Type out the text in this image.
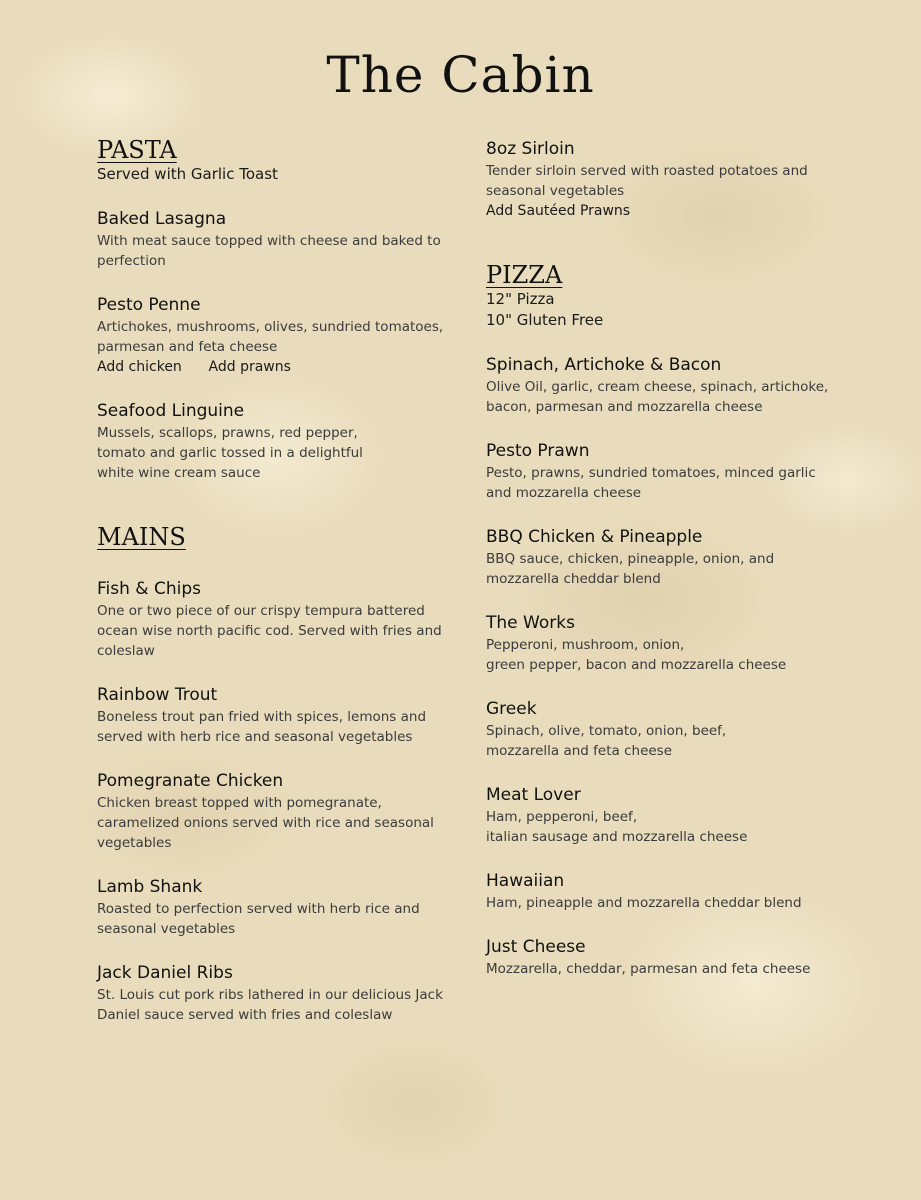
The Cabin
PASTA
Served with Garlic Toast
Baked Lasagna
With meat sauce topped with cheese and baked to
perfection
Pesto Penne
Artichokes, mushrooms, olives, sundried tomatoes,
parmesan and feta cheese
Add chicken      Add prawns
Seafood Linguine
Mussels, scallops, prawns, red pepper,
tomato and garlic tossed in a delightful
white wine cream sauce
MAINS
Fish & Chips
One or two piece of our crispy tempura battered
ocean wise north pacific cod. Served with fries and
coleslaw
Rainbow Trout
Boneless trout pan fried with spices, lemons and
served with herb rice and seasonal vegetables
Pomegranate Chicken
Chicken breast topped with pomegranate,
caramelized onions served with rice and seasonal
vegetables
Lamb Shank
Roasted to perfection served with herb rice and
seasonal vegetables
Jack Daniel Ribs
St. Louis cut pork ribs lathered in our delicious Jack
Daniel sauce served with fries and coleslaw
8oz Sirloin
Tender sirloin served with roasted potatoes and
seasonal vegetables
Add Sautéed Prawns
PIZZA
12" Pizza
10" Gluten Free
Spinach, Artichoke & Bacon
Olive Oil, garlic, cream cheese, spinach, artichoke,
bacon, parmesan and mozzarella cheese
Pesto Prawn
Pesto, prawns, sundried tomatoes, minced garlic
and mozzarella cheese
BBQ Chicken & Pineapple
BBQ sauce, chicken, pineapple, onion, and
mozzarella cheddar blend
The Works
Pepperoni, mushroom, onion,
green pepper, bacon and mozzarella cheese
Greek
Spinach, olive, tomato, onion, beef,
mozzarella and feta cheese
Meat Lover
Ham, pepperoni, beef,
italian sausage and mozzarella cheese
Hawaiian
Ham, pineapple and mozzarella cheddar blend
Just Cheese
Mozzarella, cheddar, parmesan and feta cheese
